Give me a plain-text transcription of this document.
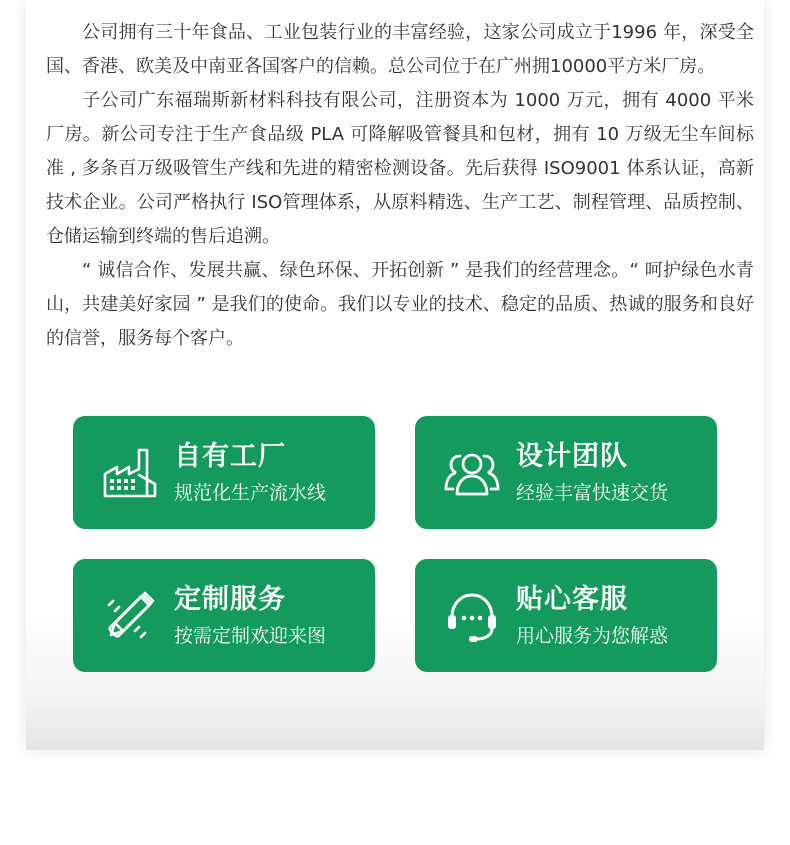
公司拥有三十年食品、工业包装行业的丰富经验，这家公司成立于1996 年，深受全国、香港、欧美及中南亚各国客户的信赖。总公司位于在广州拥10000平方米厂房。

子公司广东福瑞斯新材料科技有限公司，注册资本为 1000 万元，拥有 4000 平米厂房。新公司专注于生产食品级 PLA 可降解吸管餐具和包材，拥有 10 万级无尘车间标准 , 多条百万级吸管生产线和先进的精密检测设备。先后获得 ISO9001 体系认证，高新技术企业。公司严格执行 ISO管理体系，从原料精选、生产工艺、制程管理、品质控制、仓储运输到终端的售后追溯。

“ 诚信合作、发展共赢、绿色环保、开拓创新 ” 是我们的经营理念。“ 呵护绿色水青山，共建美好家园 ” 是我们的使命。我们以专业的技术、稳定的品质、热诚的服务和良好的信誉，服务每个客户。

自有工厂
规范化生产流水线
设计团队
经验丰富快速交货
定制服务
按需定制欢迎来图
贴心客服
用心服务为您解惑
